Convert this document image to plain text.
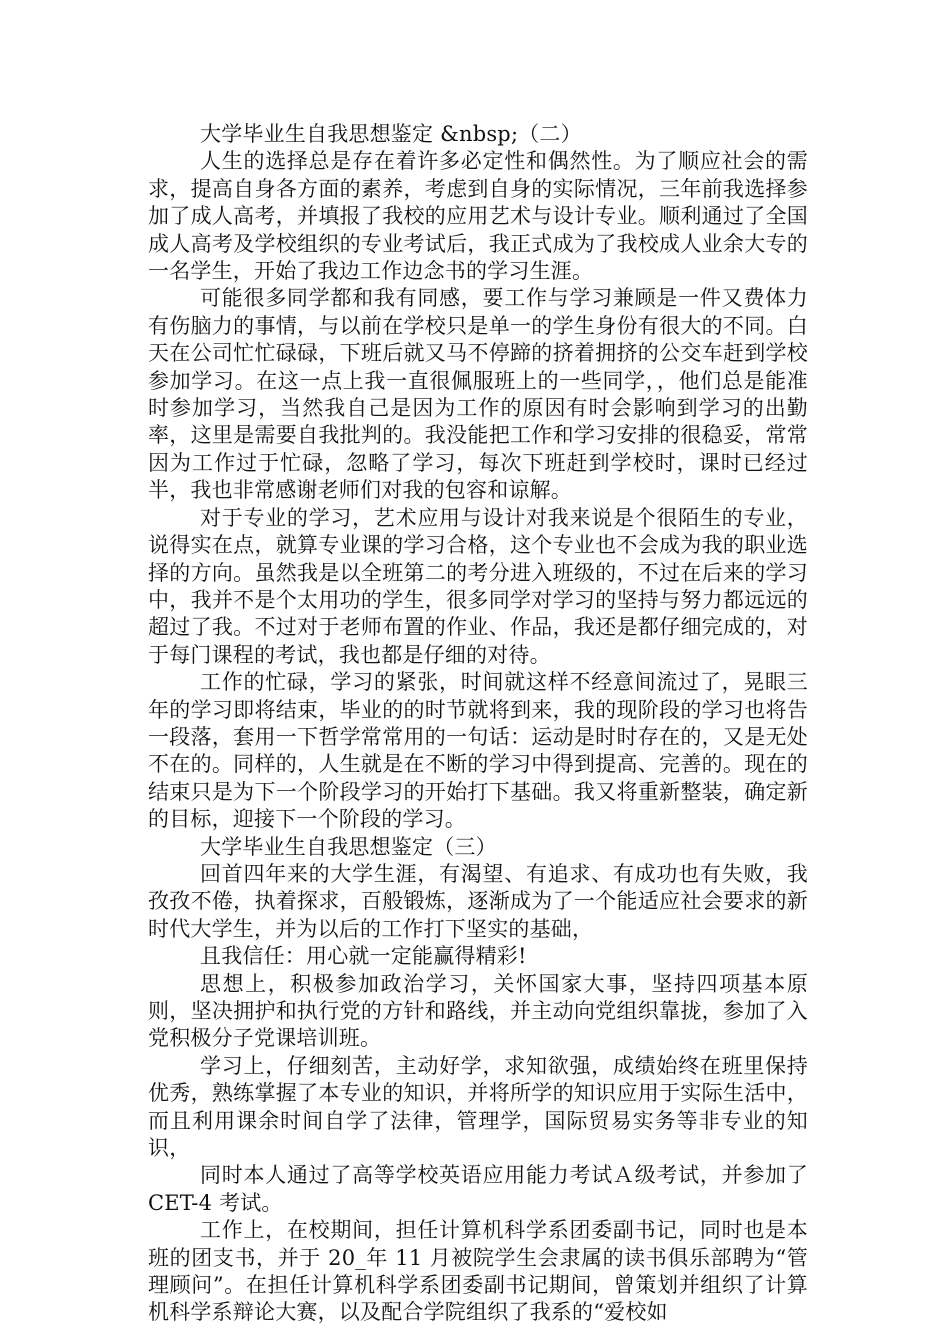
大学毕业生自我思想鉴定 &nbsp;（二）

人生的选择总是存在着许多必定性和偶然性。为了顺应社会的需求，提高自身各方面的素养，考虑到自身的实际情况，三年前我选择参加了成人高考，并填报了我校的应用艺术与设计专业。顺利通过了全国成人高考及学校组织的专业考试后，我正式成为了我校成人业余大专的一名学生，开始了我边工作边念书的学习生涯。

可能很多同学都和我有同感，要工作与学习兼顾是一件又费体力有伤脑力的事情，与以前在学校只是单一的学生身份有很大的不同。白天在公司忙忙碌碌，下班后就又马不停蹄的挤着拥挤的公交车赶到学校参加学习。在这一点上我一直很佩服班上的一些同学，，他们总是能准时参加学习，当然我自己是因为工作的原因有时会影响到学习的出勤率，这里是需要自我批判的。我没能把工作和学习安排的很稳妥，常常因为工作过于忙碌，忽略了学习，每次下班赶到学校时，课时已经过半，我也非常感谢老师们对我的包容和谅解。

对于专业的学习，艺术应用与设计对我来说是个很陌生的专业，说得实在点，就算专业课的学习合格，这个专业也不会成为我的职业选择的方向。虽然我是以全班第二的考分进入班级的，不过在后来的学习中，我并不是个太用功的学生，很多同学对学习的坚持与努力都远远的超过了我。不过对于老师布置的作业、作品，我还是都仔细完成的，对于每门课程的考试，我也都是仔细的对待。

工作的忙碌，学习的紧张，时间就这样不经意间流过了，晃眼三年的学习即将结束，毕业的的时节就将到来，我的现阶段的学习也将告一段落，套用一下哲学常常用的一句话：运动是时时存在的，又是无处不在的。同样的，人生就是在不断的学习中得到提高、完善的。现在的结束只是为下一个阶段学习的开始打下基础。我又将重新整装，确定新的目标，迎接下一个阶段的学习。

大学毕业生自我思想鉴定（三）

回首四年来的大学生涯，有渴望、有追求、有成功也有失败，我孜孜不倦，执着探求，百般锻炼，逐渐成为了一个能适应社会要求的新时代大学生，并为以后的工作打下坚实的基础，

且我信任：用心就一定能赢得精彩!

思想上，积极参加政治学习，关怀国家大事，坚持四项基本原则，坚决拥护和执行党的方针和路线，并主动向党组织靠拢，参加了入党积极分子党课培训班。

学习上，仔细刻苦，主动好学，求知欲强，成绩始终在班里保持优秀，熟练掌握了本专业的知识，并将所学的知识应用于实际生活中，而且利用课余时间自学了法律，管理学，国际贸易实务等非专业的知识，

同时本人通过了高等学校英语应用能力考试Ａ级考试，并参加了 CET-4 考试。

工作上，在校期间，担任计算机科学系团委副书记，同时也是本班的团支书，并于 20_年 11 月被院学生会隶属的读书俱乐部聘为“管理顾问”。在担任计算机科学系团委副书记期间，曾策划并组织了计算机科学系辩论大赛，以及配合学院组织了我系的“爱校如
